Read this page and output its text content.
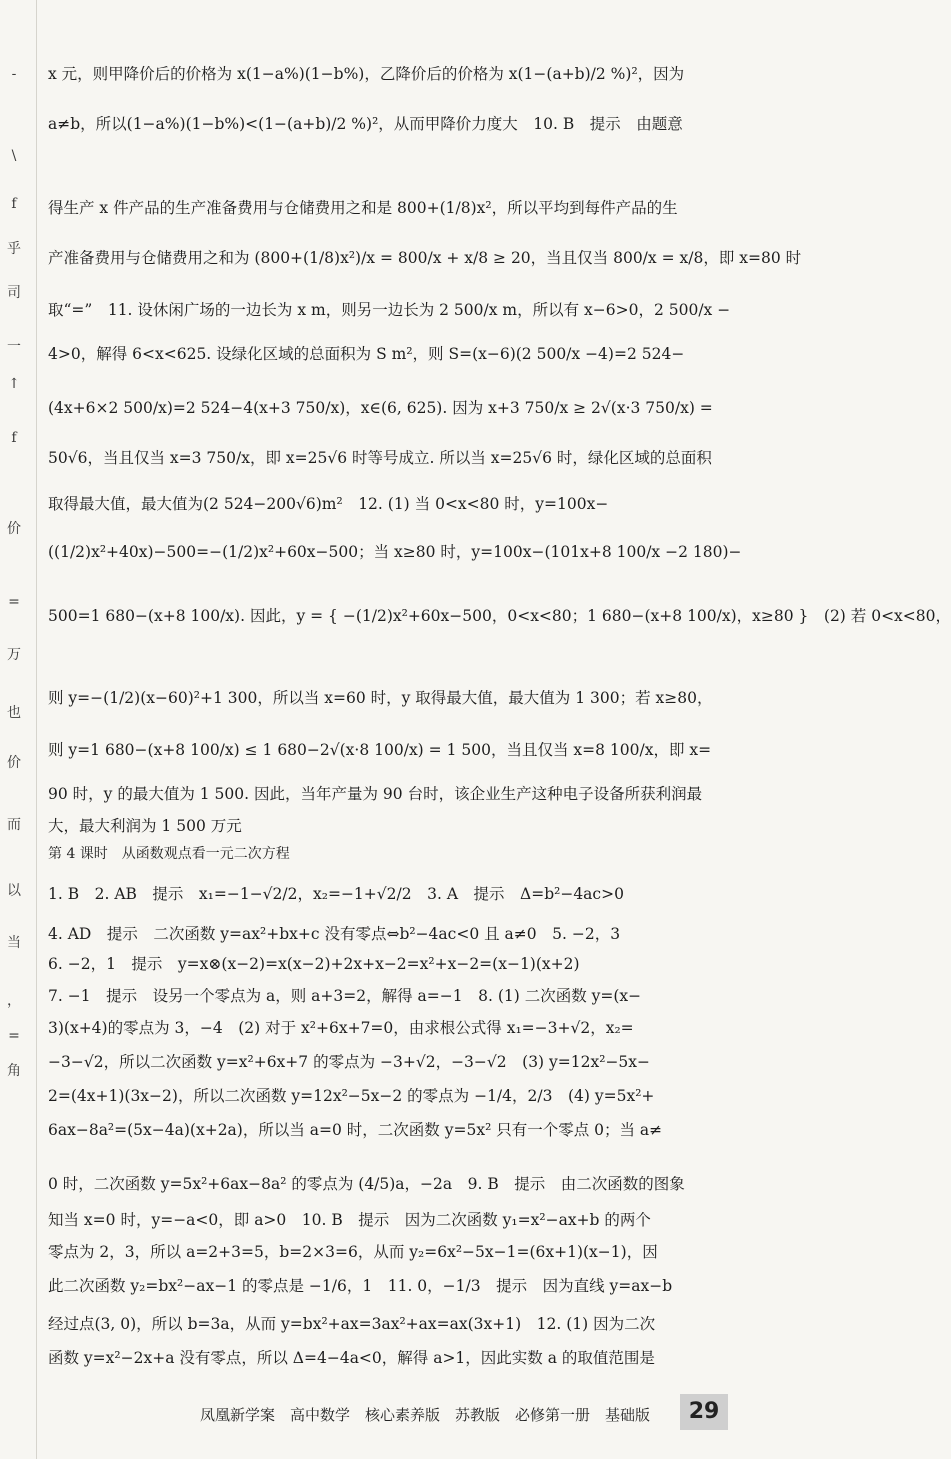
-
\
f
乎
司
一
↑
f
价
=
万
也
价
而
以
当
，
=
角
x 元，则甲降价后的价格为 x(1−a%)(1−b%)，乙降价后的价格为 x(1−(a+b)/2 %)²，因为
a≠b，所以(1−a%)(1−b%)<(1−(a+b)/2 %)²，从而甲降价力度大　10. B　提示　由题意
得生产 x 件产品的生产准备费用与仓储费用之和是 800+(1/8)x²，所以平均到每件产品的生
产准备费用与仓储费用之和为 (800+(1/8)x²)/x = 800/x + x/8 ≥ 20，当且仅当 800/x = x/8，即 x=80 时
取“=”　11. 设休闲广场的一边长为 x m，则另一边长为 2 500/x m，所以有 x−6>0，2 500/x −
4>0，解得 6<x<625. 设绿化区域的总面积为 S m²，则 S=(x−6)(2 500/x −4)=2 524−
(4x+6×2 500/x)=2 524−4(x+3 750/x)，x∈(6, 625). 因为 x+3 750/x ≥ 2√(x·3 750/x) =
50√6，当且仅当 x=3 750/x，即 x=25√6 时等号成立. 所以当 x=25√6 时，绿化区域的总面积
取得最大值，最大值为(2 524−200√6)m²　12. (1) 当 0<x<80 时，y=100x−
((1/2)x²+40x)−500=−(1/2)x²+60x−500；当 x≥80 时，y=100x−(101x+8 100/x −2 180)−
500=1 680−(x+8 100/x). 因此，y = { −(1/2)x²+60x−500，0<x<80；1 680−(x+8 100/x)，x≥80 }　(2) 若 0<x<80，
则 y=−(1/2)(x−60)²+1 300，所以当 x=60 时，y 取得最大值，最大值为 1 300；若 x≥80，
则 y=1 680−(x+8 100/x) ≤ 1 680−2√(x·8 100/x) = 1 500，当且仅当 x=8 100/x，即 x=
90 时，y 的最大值为 1 500. 因此，当年产量为 90 台时，该企业生产这种电子设备所获利润最
大，最大利润为 1 500 万元
第 4 课时　从函数观点看一元二次方程
1. B　2. AB　提示　x₁=−1−√2/2，x₂=−1+√2/2　3. A　提示　Δ=b²−4ac>0
4. AD　提示　二次函数 y=ax²+bx+c 没有零点⇔b²−4ac<0 且 a≠0　5. −2，3
6. −2，1　提示　y=x⊗(x−2)=x(x−2)+2x+x−2=x²+x−2=(x−1)(x+2)
7. −1　提示　设另一个零点为 a，则 a+3=2，解得 a=−1　8. (1) 二次函数 y=(x−
3)(x+4)的零点为 3，−4　(2) 对于 x²+6x+7=0，由求根公式得 x₁=−3+√2，x₂=
−3−√2，所以二次函数 y=x²+6x+7 的零点为 −3+√2，−3−√2　(3) y=12x²−5x−
2=(4x+1)(3x−2)，所以二次函数 y=12x²−5x−2 的零点为 −1/4，2/3　(4) y=5x²+
6ax−8a²=(5x−4a)(x+2a)，所以当 a=0 时，二次函数 y=5x² 只有一个零点 0；当 a≠
0 时，二次函数 y=5x²+6ax−8a² 的零点为 (4/5)a，−2a　9. B　提示　由二次函数的图象
知当 x=0 时，y=−a<0，即 a>0　10. B　提示　因为二次函数 y₁=x²−ax+b 的两个
零点为 2，3，所以 a=2+3=5，b=2×3=6，从而 y₂=6x²−5x−1=(6x+1)(x−1)，因
此二次函数 y₂=bx²−ax−1 的零点是 −1/6，1　11. 0，−1/3　提示　因为直线 y=ax−b
经过点(3, 0)，所以 b=3a，从而 y=bx²+ax=3ax²+ax=ax(3x+1)　12. (1) 因为二次
函数 y=x²−2x+a 没有零点，所以 Δ=4−4a<0，解得 a>1，因此实数 a 的取值范围是
凤凰新学案　高中数学　核心素养版　苏教版　必修第一册　基础版	29
